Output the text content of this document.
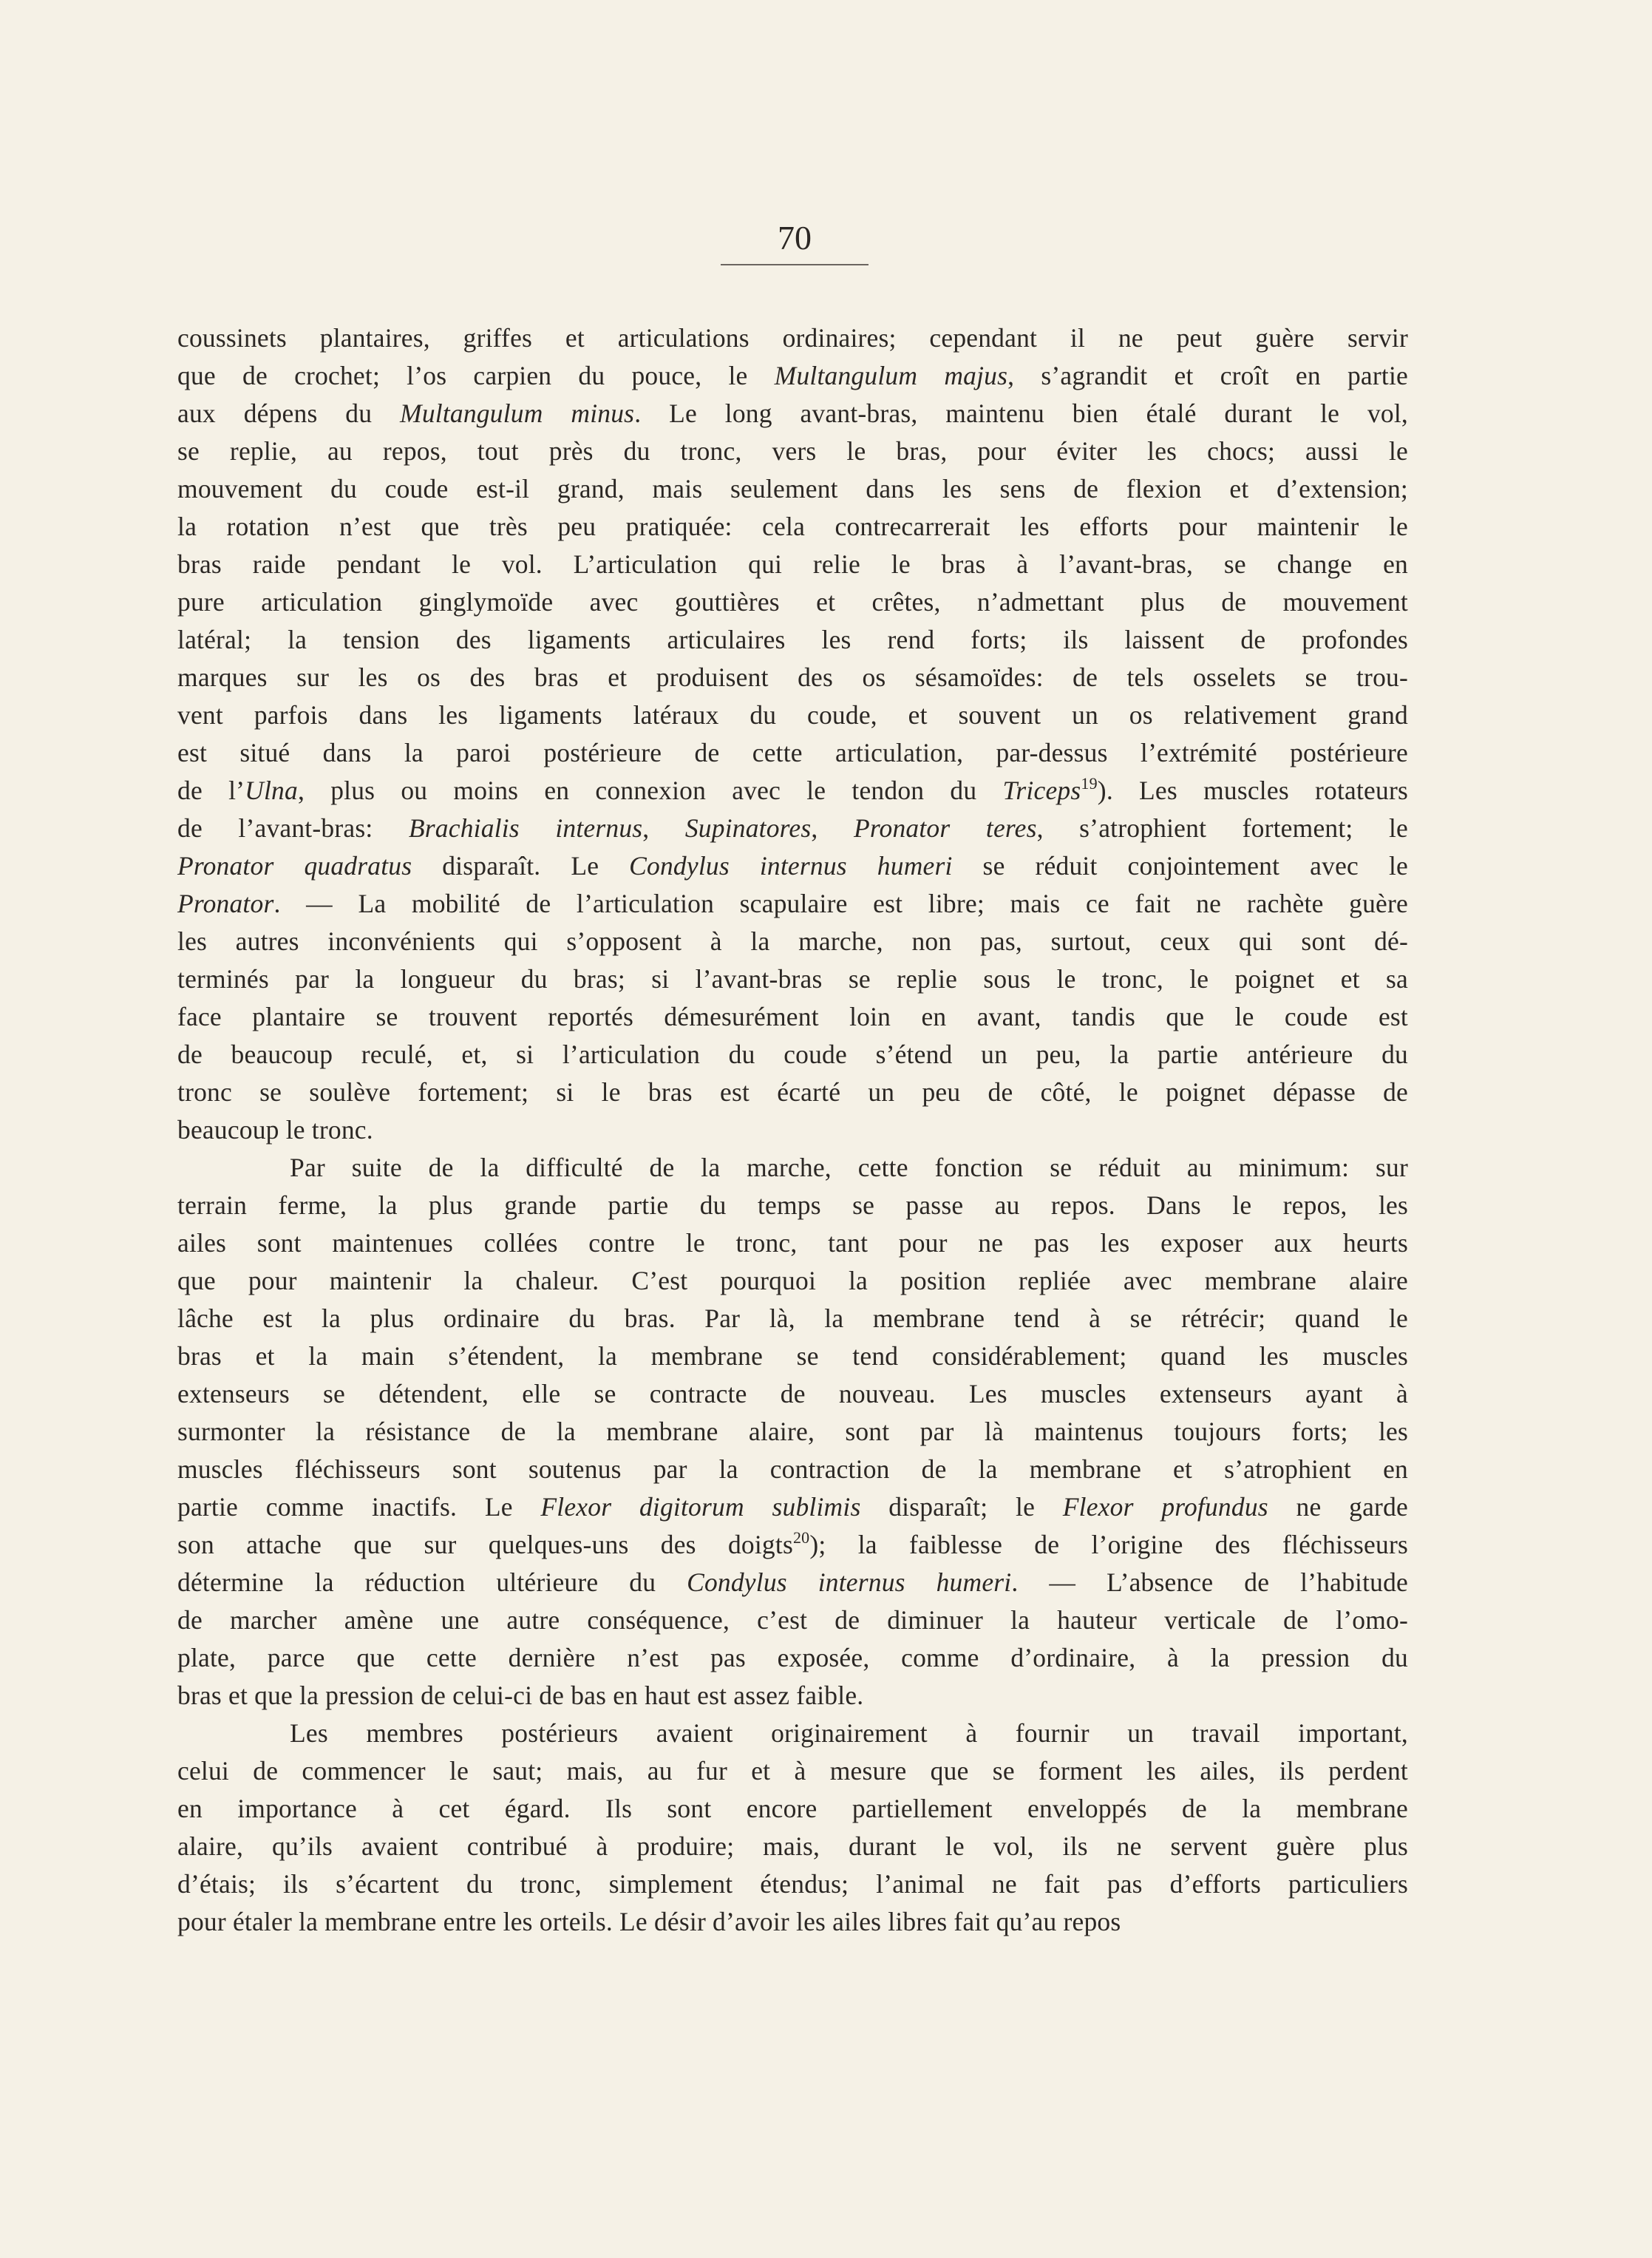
70
coussinets plantaires, griffes et articulations ordinaires; cependant il ne peut guère servir
que de crochet; l’os carpien du pouce, le Multangulum majus, s’agrandit et croît en partie
aux dépens du Multangulum minus. Le long avant-bras, maintenu bien étalé durant le vol,
se replie, au repos, tout près du tronc, vers le bras, pour éviter les chocs; aussi le
mouvement du coude est-il grand, mais seulement dans les sens de flexion et d’extension;
la rotation n’est que très peu pratiquée: cela contrecarrerait les efforts pour maintenir le
bras raide pendant le vol. L’articulation qui relie le bras à l’avant-bras, se change en
pure articulation ginglymoïde avec gouttières et crêtes, n’admettant plus de mouvement
latéral; la tension des ligaments articulaires les rend forts; ils laissent de profondes
marques sur les os des bras et produisent des os sésamoïdes: de tels osselets se trou-
vent parfois dans les ligaments latéraux du coude, et souvent un os relativement grand
est situé dans la paroi postérieure de cette articulation, par-dessus l’extrémité postérieure
de l’Ulna, plus ou moins en connexion avec le tendon du Triceps$^{19}$). Les muscles rotateurs
de l’avant-bras: Brachialis internus, Supinatores, Pronator teres, s’atrophient fortement; le
Pronator quadratus disparaît. Le Condylus internus humeri se réduit conjointement avec le
Pronator. — La mobilité de l’articulation scapulaire est libre; mais ce fait ne rachète guère
les autres inconvénients qui s’opposent à la marche, non pas, surtout, ceux qui sont dé-
terminés par la longueur du bras; si l’avant-bras se replie sous le tronc, le poignet et sa
face plantaire se trouvent reportés démesurément loin en avant, tandis que le coude est
de beaucoup reculé, et, si l’articulation du coude s’étend un peu, la partie antérieure du
tronc se soulève fortement; si le bras est écarté un peu de côté, le poignet dépasse de
beaucoup le tronc.
Par suite de la difficulté de la marche, cette fonction se réduit au minimum: sur
terrain ferme, la plus grande partie du temps se passe au repos. Dans le repos, les
ailes sont maintenues collées contre le tronc, tant pour ne pas les exposer aux heurts
que pour maintenir la chaleur. C’est pourquoi la position repliée avec membrane alaire
lâche est la plus ordinaire du bras. Par là, la membrane tend à se rétrécir; quand le
bras et la main s’étendent, la membrane se tend considérablement; quand les muscles
extenseurs se détendent, elle se contracte de nouveau. Les muscles extenseurs ayant à
surmonter la résistance de la membrane alaire, sont par là maintenus toujours forts; les
muscles fléchisseurs sont soutenus par la contraction de la membrane et s’atrophient en
partie comme inactifs. Le Flexor digitorum sublimis disparaît; le Flexor profundus ne garde
son attache que sur quelques-uns des doigts$^{20}$); la faiblesse de l’origine des fléchisseurs
détermine la réduction ultérieure du Condylus internus humeri. — L’absence de l’habitude
de marcher amène une autre conséquence, c’est de diminuer la hauteur verticale de l’omo-
plate, parce que cette dernière n’est pas exposée, comme d’ordinaire, à la pression du
bras et que la pression de celui-ci de bas en haut est assez faible.
Les membres postérieurs avaient originairement à fournir un travail important,
celui de commencer le saut; mais, au fur et à mesure que se forment les ailes, ils perdent
en importance à cet égard. Ils sont encore partiellement enveloppés de la membrane
alaire, qu’ils avaient contribué à produire; mais, durant le vol, ils ne servent guère plus
d’étais; ils s’écartent du tronc, simplement étendus; l’animal ne fait pas d’efforts particuliers
pour étaler la membrane entre les orteils. Le désir d’avoir les ailes libres fait qu’au repos
